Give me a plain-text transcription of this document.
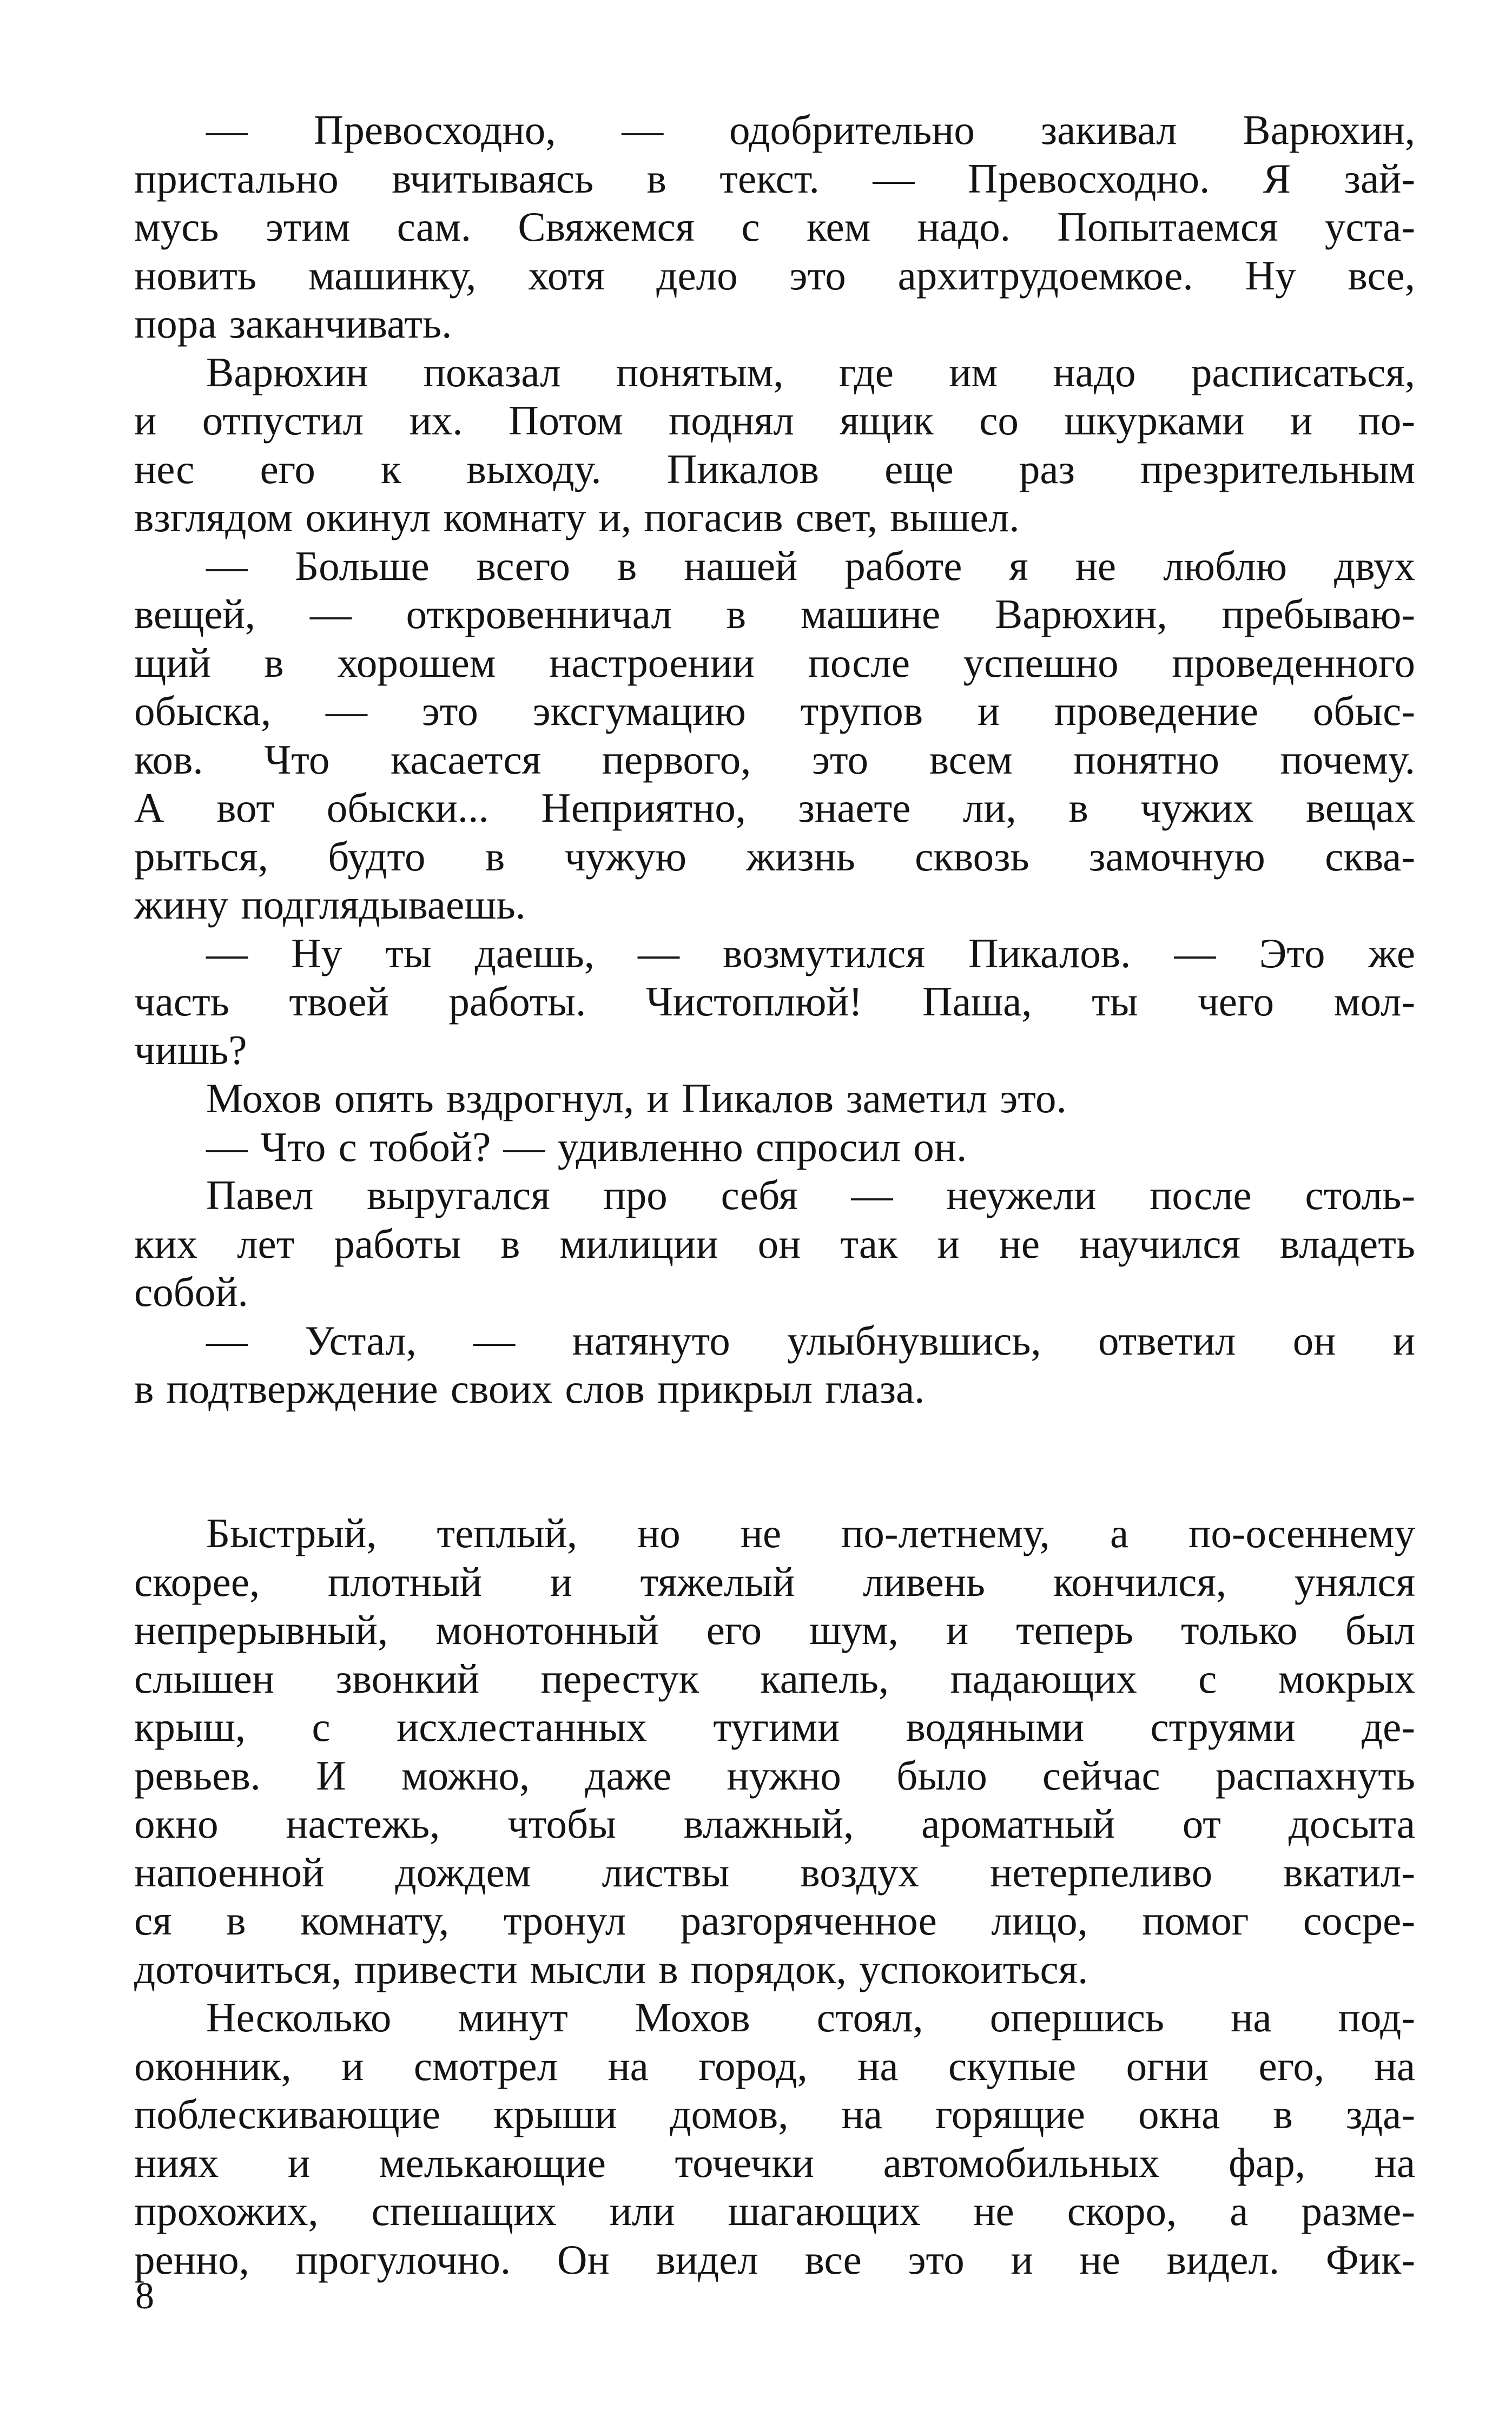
— Превосходно, — одобрительно закивал Варюхин,
пристально вчитываясь в текст. — Превосходно. Я зай-
мусь этим сам. Свяжемся с кем надо. Попытаемся уста-
новить машинку, хотя дело это архитрудоемкое. Ну все,
пора заканчивать.
Варюхин показал понятым, где им надо расписаться,
и отпустил их. Потом поднял ящик со шкурками и по-
нес его к выходу. Пикалов еще раз презрительным
взглядом окинул комнату и, погасив свет, вышел.
— Больше всего в нашей работе я не люблю двух
вещей, — откровенничал в машине Варюхин, пребываю-
щий в хорошем настроении после успешно проведенного
обыска, — это эксгумацию трупов и проведение обыс-
ков. Что касается первого, это всем понятно почему.
А вот обыски... Неприятно, знаете ли, в чужих вещах
рыться, будто в чужую жизнь сквозь замочную сква-
жину подглядываешь.
— Ну ты даешь, — возмутился Пикалов. — Это же
часть твоей работы. Чистоплюй! Паша, ты чего мол-
чишь?
Мохов опять вздрогнул, и Пикалов заметил это.
— Что с тобой? — удивленно спросил он.
Павел выругался про себя — неужели после столь-
ких лет работы в милиции он так и не научился владеть
собой.
— Устал, — натянуто улыбнувшись, ответил он и
в подтверждение своих слов прикрыл глаза.
Быстрый, теплый, но не по-летнему, а по-осеннему
скорее, плотный и тяжелый ливень кончился, унялся
непрерывный, монотонный его шум, и теперь только был
слышен звонкий перестук капель, падающих с мокрых
крыш, с исхлестанных тугими водяными струями де-
ревьев. И можно, даже нужно было сейчас распахнуть
окно настежь, чтобы влажный, ароматный от досыта
напоенной дождем листвы воздух нетерпеливо вкатил-
ся в комнату, тронул разгоряченное лицо, помог сосре-
доточиться, привести мысли в порядок, успокоиться.
Несколько минут Мохов стоял, опершись на под-
оконник, и смотрел на город, на скупые огни его, на
поблескивающие крыши домов, на горящие окна в зда-
ниях и мелькающие точечки автомобильных фар, на
прохожих, спешащих или шагающих не скоро, а разме-
ренно, прогулочно. Он видел все это и не видел. Фик-
8
